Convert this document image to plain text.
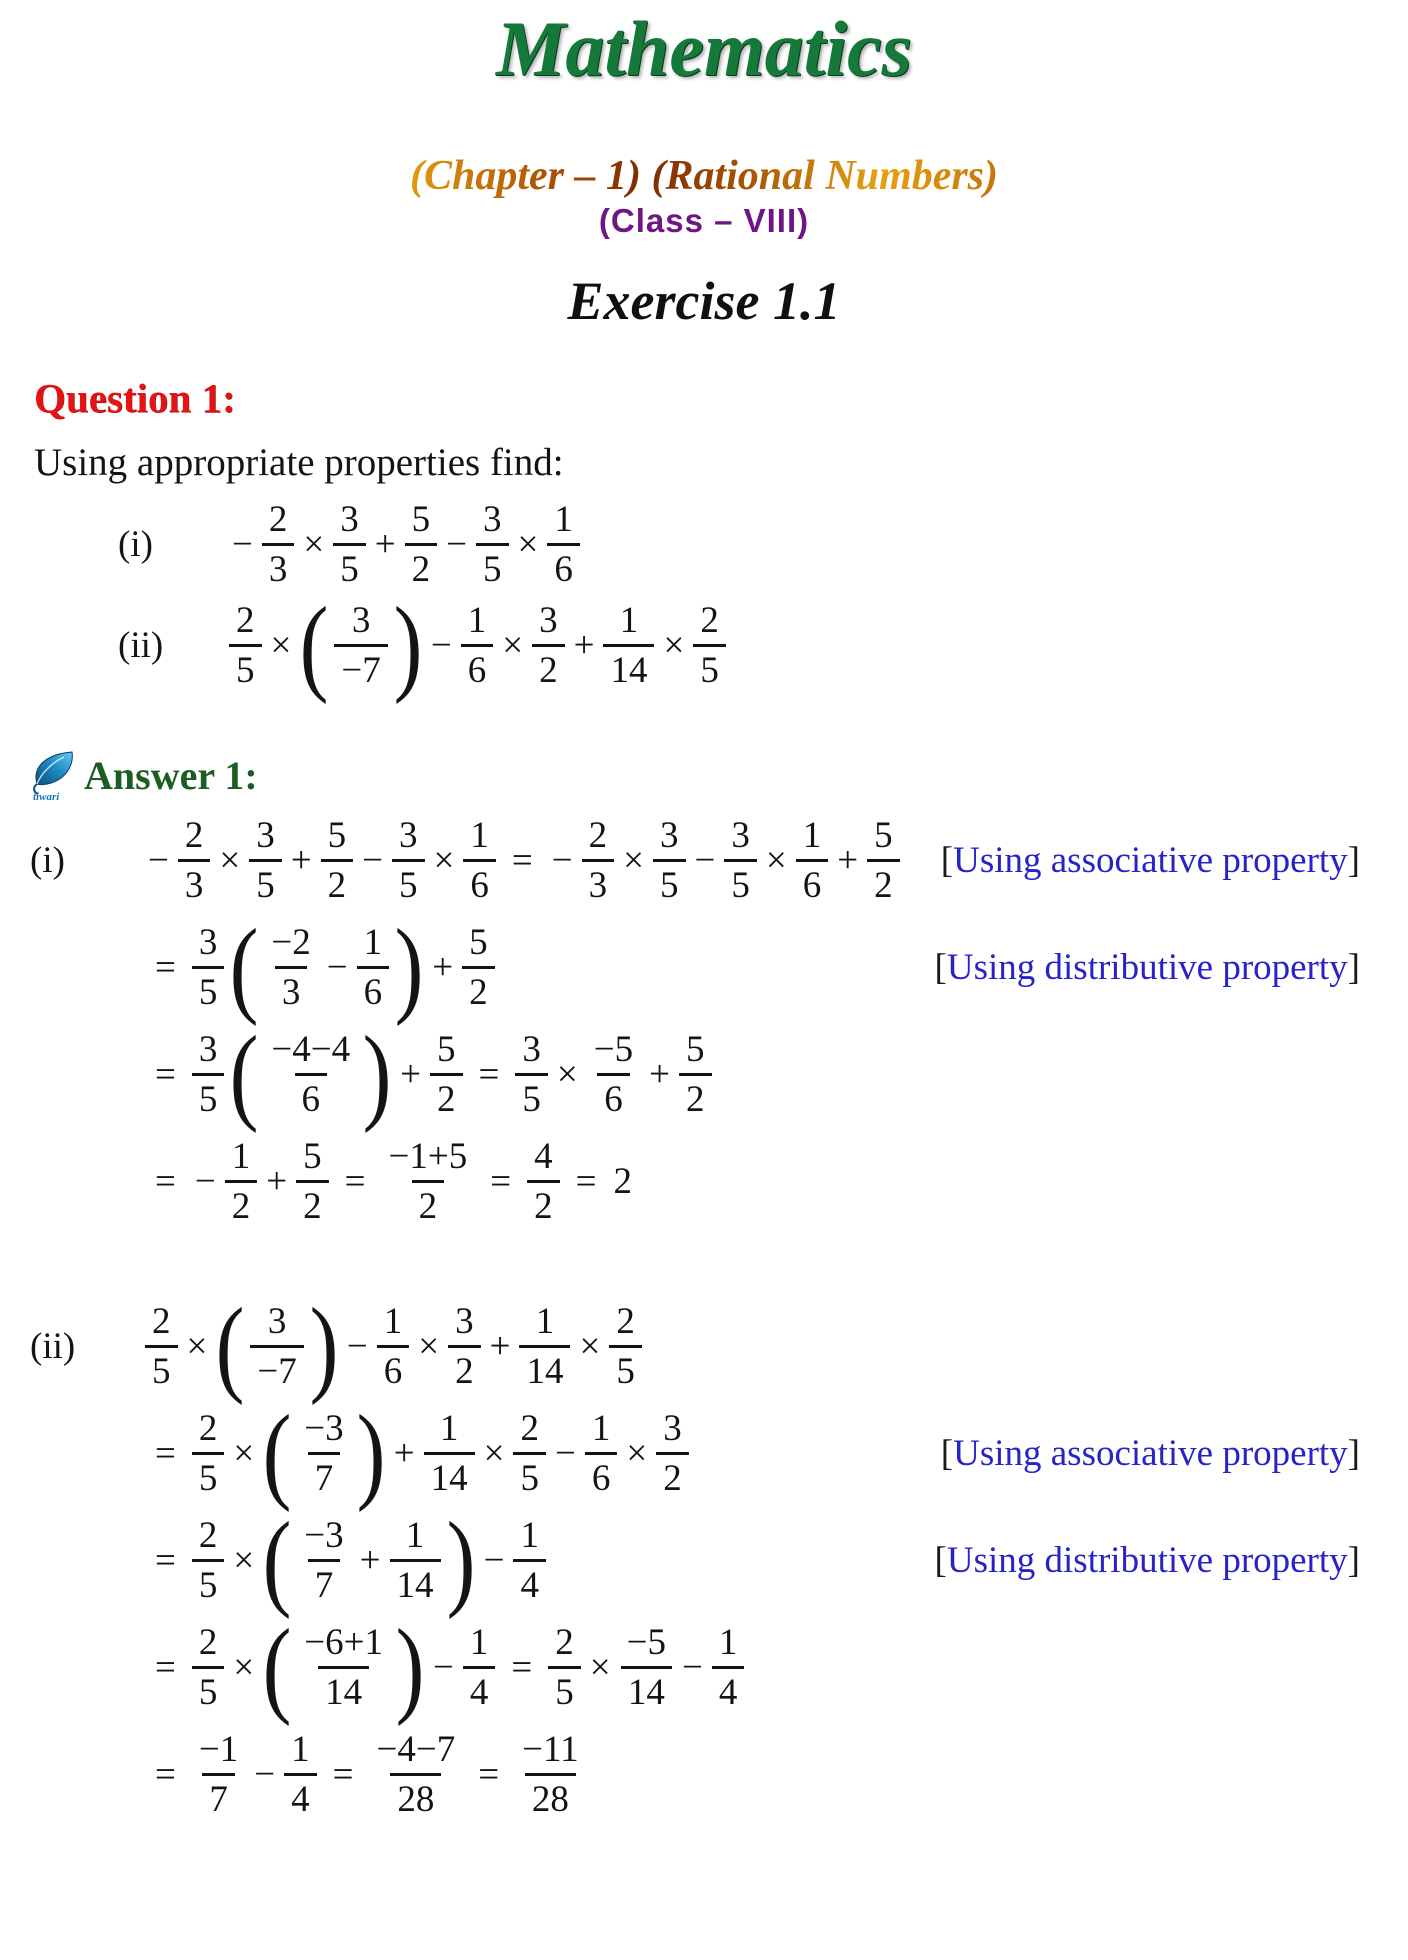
Mathematics
(Chapter – 1) (Rational Numbers)
(Class – VIII)
Exercise 1.1
Question 1:
Using appropriate properties find:
(i)	− $\frac{2}{3} \times \frac{3}{5} + \frac{5}{2} - \frac{3}{5} \times \frac{1}{6}$
(ii)	$\frac{2}{5}$ × ( $\frac{3}{-7}$ ) − $\frac{1}{6} \times \frac{3}{2} + \frac{1}{14} \times \frac{2}{5}$
tiwari Answer 1:
(i)	− $\frac{2}{3} \times \frac{3}{5} + \frac{5}{2} - \frac{3}{5} \times \frac{1}{6}$ = − $\frac{2}{3} \times \frac{3}{5} - \frac{3}{5} \times \frac{1}{6} + \frac{5}{2} [Using$ associative property]
= $\frac{3}{5}$ ( $\frac{-2}{3} - \frac{1}{6}$ ) + $\frac{5}{2}$	[Using distributive property]
= $\frac{3}{5}$ ( $\frac{-4-4}{6}$ ) + $\frac{5}{2} = \frac{3}{5} \times \frac{-5}{6} + \frac{5}{2}$
= − $\frac{1}{2} + \frac{5}{2} = \frac{-1+5}{2} = \frac{4}{2} = 2$
(ii)	$\frac{2}{5}$ × ( $\frac{3}{-7}$ ) − $\frac{1}{6} \times \frac{3}{2} + \frac{1}{14} \times \frac{2}{5}$
= $\frac{2}{5}$ × ( $\frac{-3}{7}$ ) + $\frac{1}{14} \times \frac{2}{5} - \frac{1}{6} \times \frac{3}{2}$	[Using associative property]
= $\frac{2}{5}$ × ( $\frac{-3}{7} + \frac{1}{14}$ ) − $\frac{1}{4}$	[Using distributive property]
= $\frac{2}{5}$ × ( $\frac{-6+1}{14}$ ) − $\frac{1}{4} = \frac{2}{5} \times \frac{-5}{14} - \frac{1}{4}$
= $\frac{-1}{7} - \frac{1}{4} = \frac{-4-7}{28} = \frac{-11}{28}$
